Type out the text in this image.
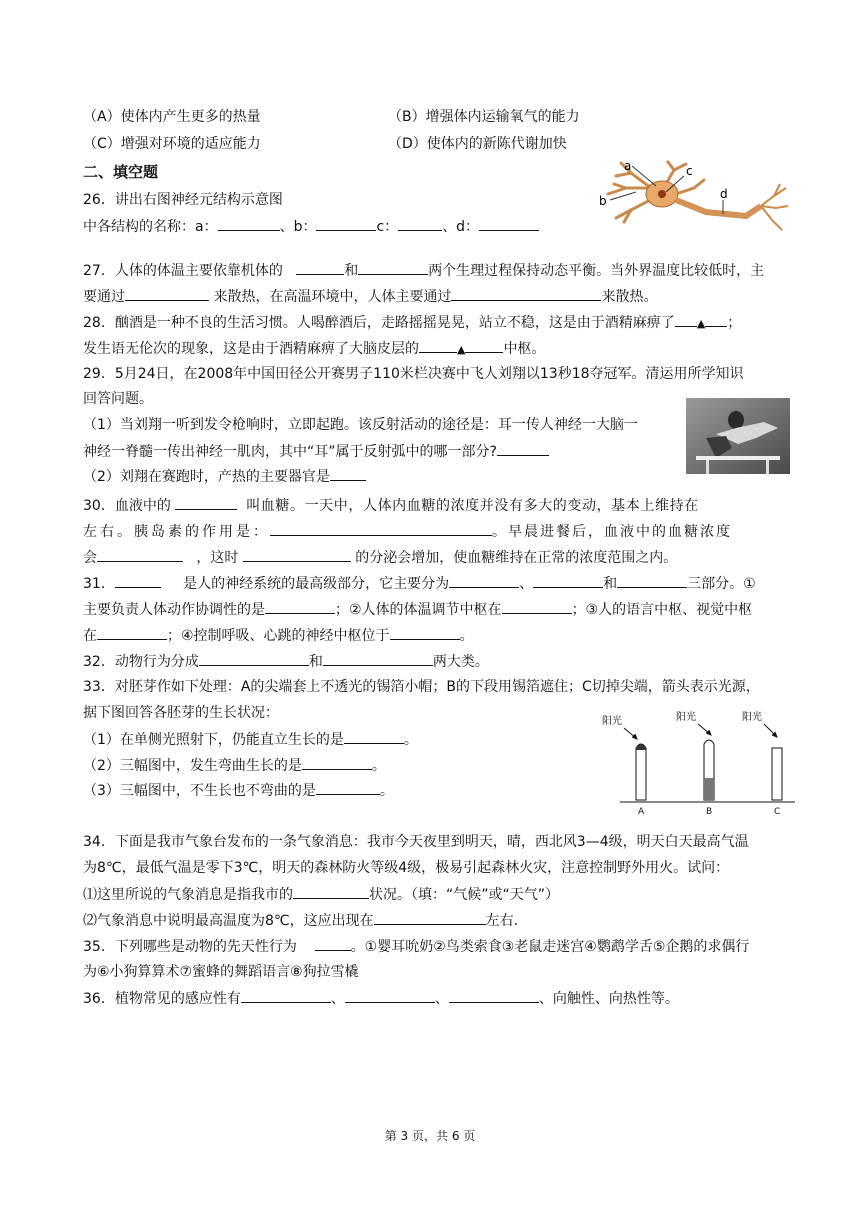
（A）使体内产生更多的热量	（B）增强体内运输氧气的能力
（C）增强对环境的适应能力	（D）使体内的新陈代谢加快
二、填空题
26．讲出右图神经元结构示意图
中各结构的名称：a：	、b：	c：	、d：
a	c
b	d
27．人体的体温主要依靠机体的	和	两个生理过程保持动态平衡。当外界温度比较低时，主
要通过	来散热，在高温环境中，人体主要通过	来散热。
28．酗酒是一种不良的生活习惯。人喝醉酒后，走路摇摇晃晃，站立不稳，这是由于酒精麻痹了 ▲ ；
发生语无伦次的现象，这是由于酒精麻痹了大脑皮层的	▲	中枢。
29．5月24日，在2008年中国田径公开赛男子110米栏决赛中飞人刘翔以13秒18夺冠军。清运用所学知识
回答问题。
（1）当刘翔一听到发令枪响时，立即起跑。该反射活动的途径是：耳一传人神经一大脑一
神经一脊髓一传出神经一肌肉，其中“耳”属于反射弧中的哪一部分?
（2）刘翔在赛跑时，产热的主要器官是
30．血液中的	叫血糖。一天中，人体内血糖的浓度并没有多大的变动，基本上维持在
左右。胰岛素的作用是：	。早晨进餐后，血液中的血糖浓度
会	，这时	的分泌会增加，使血糖维持在正常的浓度范围之内。
31．	是人的神经系统的最高级部分，它主要分为	、	和	三部分。①
主要负责人体动作协调性的是	；②人体的体温调节中枢在	；③人的语言中枢、视觉中枢
在	；④控制呼吸、心跳的神经中枢位于	。
32．动物行为分成	和	两大类。
33．对胚芽作如下处理：A的尖端套上不透光的锡箔小帽；B的下段用锡箔遮住；C切掉尖端，箭头表示光源，
据下图回答各胚芽的生长状况：
（1）在单侧光照射下，仍能直立生长的是	。
（2）三幅图中，发生弯曲生长的是	。
（3）三幅图中，不生长也不弯曲的是	。
阳光	阳光	阳光
A	B	C
34．下面是我市气象台发布的一条气象消息：我市今天夜里到明天，晴，西北风3—4级，明天白天最高气温
为8℃，最低气温是零下3℃，明天的森林防火等级4级，极易引起森林火灾，注意控制野外用火。试问：
⑴这里所说的气象消息是指我市的	状况。（填：“气候”或“天气”）
⑵气象消息中说明最高温度为8℃，这应出现在	左右.
35．下列哪些是动物的先天性行为	。①婴耳吮奶②鸟类索食③老鼠走迷宫④鹦鹉学舌⑤企鹅的求偶行
为⑥小狗算算术⑦蜜蜂的舞蹈语言⑧狗拉雪橇
36．植物常见的感应性有	、	、	、向触性、向热性等。
第 3 页，共 6 页
